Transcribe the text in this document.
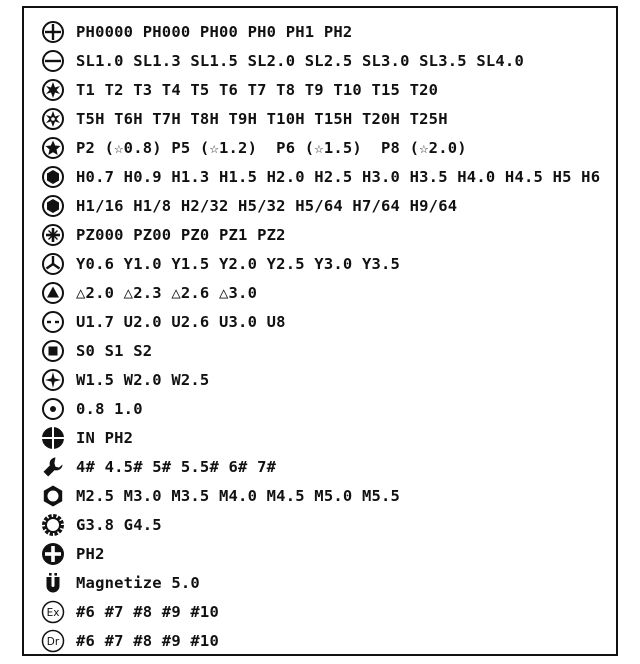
PH0000 PH000 PH00 PH0 PH1 PH2
SL1.0 SL1.3 SL1.5 SL2.0 SL2.5 SL3.0 SL3.5 SL4.0
T1 T2 T3 T4 T5 T6 T7 T8 T9 T10 T15 T20
T5H T6H T7H T8H T9H T10H T15H T20H T25H
P2 (☆0.8) P5 (☆1.2)  P6 (☆1.5)  P8 (☆2.0)
H0.7 H0.9 H1.3 H1.5 H2.0 H2.5 H3.0 H3.5 H4.0 H4.5 H5 H6
H1/16 H1/8 H2/32 H5/32 H5/64 H7/64 H9/64
PZ000 PZ00 PZ0 PZ1 PZ2
Y0.6 Y1.0 Y1.5 Y2.0 Y2.5 Y3.0 Y3.5
△2.0 △2.3 △2.6 △3.0
U1.7 U2.0 U2.6 U3.0 U8
S0 S1 S2
W1.5 W2.0 W2.5
0.8 1.0
IN PH2
4# 4.5# 5# 5.5# 6# 7#
M2.5 M3.0 M3.5 M4.0 M4.5 M5.0 M5.5
G3.8 G4.5
PH2
Magnetize 5.0
Ex #6 #7 #8 #9 #10
Dr #6 #7 #8 #9 #10
